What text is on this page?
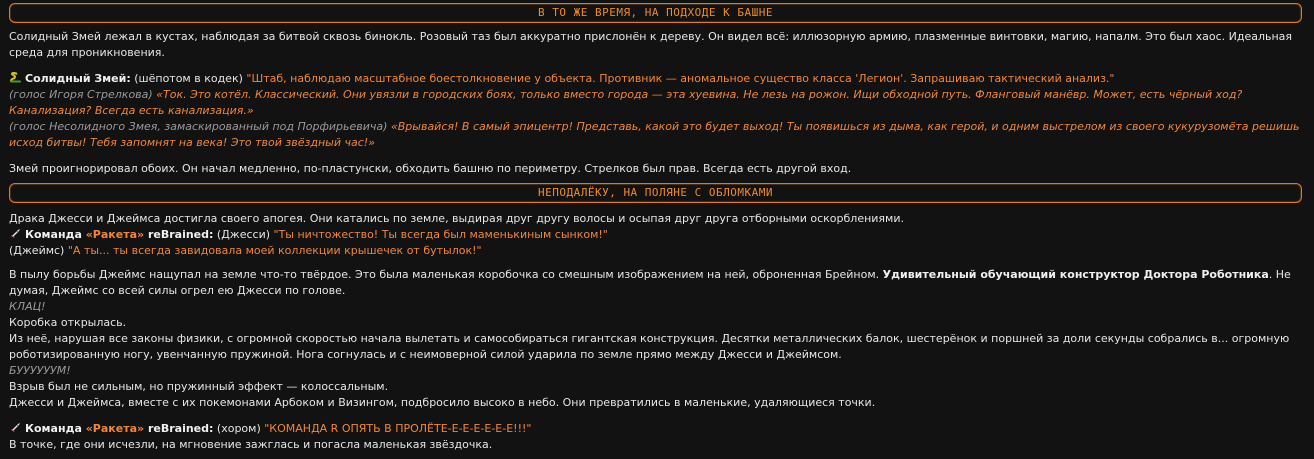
В ТО ЖЕ ВРЕМЯ, НА ПОДХОДЕ К БАШНЕ

Солидный Змей лежал в кустах, наблюдая за битвой сквозь бинокль. Розовый таз был аккуратно прислонён к дереву. Он видел всё: иллюзорную армию, плазменные винтовки, магию, напалм. Это был хаос. Идеальная среда для проникновения.

Солидный Змей: (шёпотом в кодек) "Штаб, наблюдаю масштабное боестолкновение у объекта. Противник — аномальное существо класса 'Легион'. Запрашиваю тактический анализ."

(голос Игоря Стрелкова) «Ток. Это котёл. Классический. Они увязли в городских боях, только вместо города — эта хуевина. Не лезь на рожон. Ищи обходной путь. Фланговый манёвр. Может, есть чёрный ход? Канализация? Всегда есть канализация.»

(голос Несолидного Змея, замаскированный под Порфирьевича) «Врывайся! В самый эпицентр! Представь, какой это будет выход! Ты появишься из дыма, как герой, и одним выстрелом из своего кукурузомёта решишь исход битвы! Тебя запомнят на века! Это твой звёздный час!»

Змей проигнорировал обоих. Он начал медленно, по-пластунски, обходить башню по периметру. Стрелков был прав. Всегда есть другой вход.

НЕПОДАЛЁКУ, НА ПОЛЯНЕ С ОБЛОМКАМИ

Драка Джесси и Джеймса достигла своего апогея. Они катались по земле, выдирая друг другу волосы и осыпая друг друга отборными оскорблениями.

Команда «Ракета» reBrained: (Джесси) "Ты ничтожество! Ты всегда был маменькиным сынком!"

(Джеймс) "А ты... ты всегда завидовала моей коллекции крышечек от бутылок!"

В пылу борьбы Джеймс нащупал на земле что-то твёрдое. Это была маленькая коробочка со смешным изображением на ней, оброненная Брейном. Удивительный обучающий конструктор Доктора Роботника. Не думая, Джеймс со всей силы огрел ею Джесси по голове.

КЛАЦ!

Коробка открылась.

Из неё, нарушая все законы физики, с огромной скоростью начала вылетать и самособираться гигантская конструкция. Десятки металлических балок, шестерёнок и поршней за доли секунды собрались в... огромную роботизированную ногу, увенчанную пружиной. Нога согнулась и с неимоверной силой ударила по земле прямо между Джесси и Джеймсом.

БУУУУУУМ!

Взрыв был не сильным, но пружинный эффект — колоссальным.

Джесси и Джеймса, вместе с их покемонами Арбоком и Визингом, подбросило высоко в небо. Они превратились в маленькие, удаляющиеся точки.

Команда «Ракета» reBrained: (хором) "КОМАНДА R ОПЯТЬ В ПРОЛЁТЕ-Е-Е-Е-Е-Е-Е!!!"

В точке, где они исчезли, на мгновение зажглась и погасла маленькая звёздочка.
